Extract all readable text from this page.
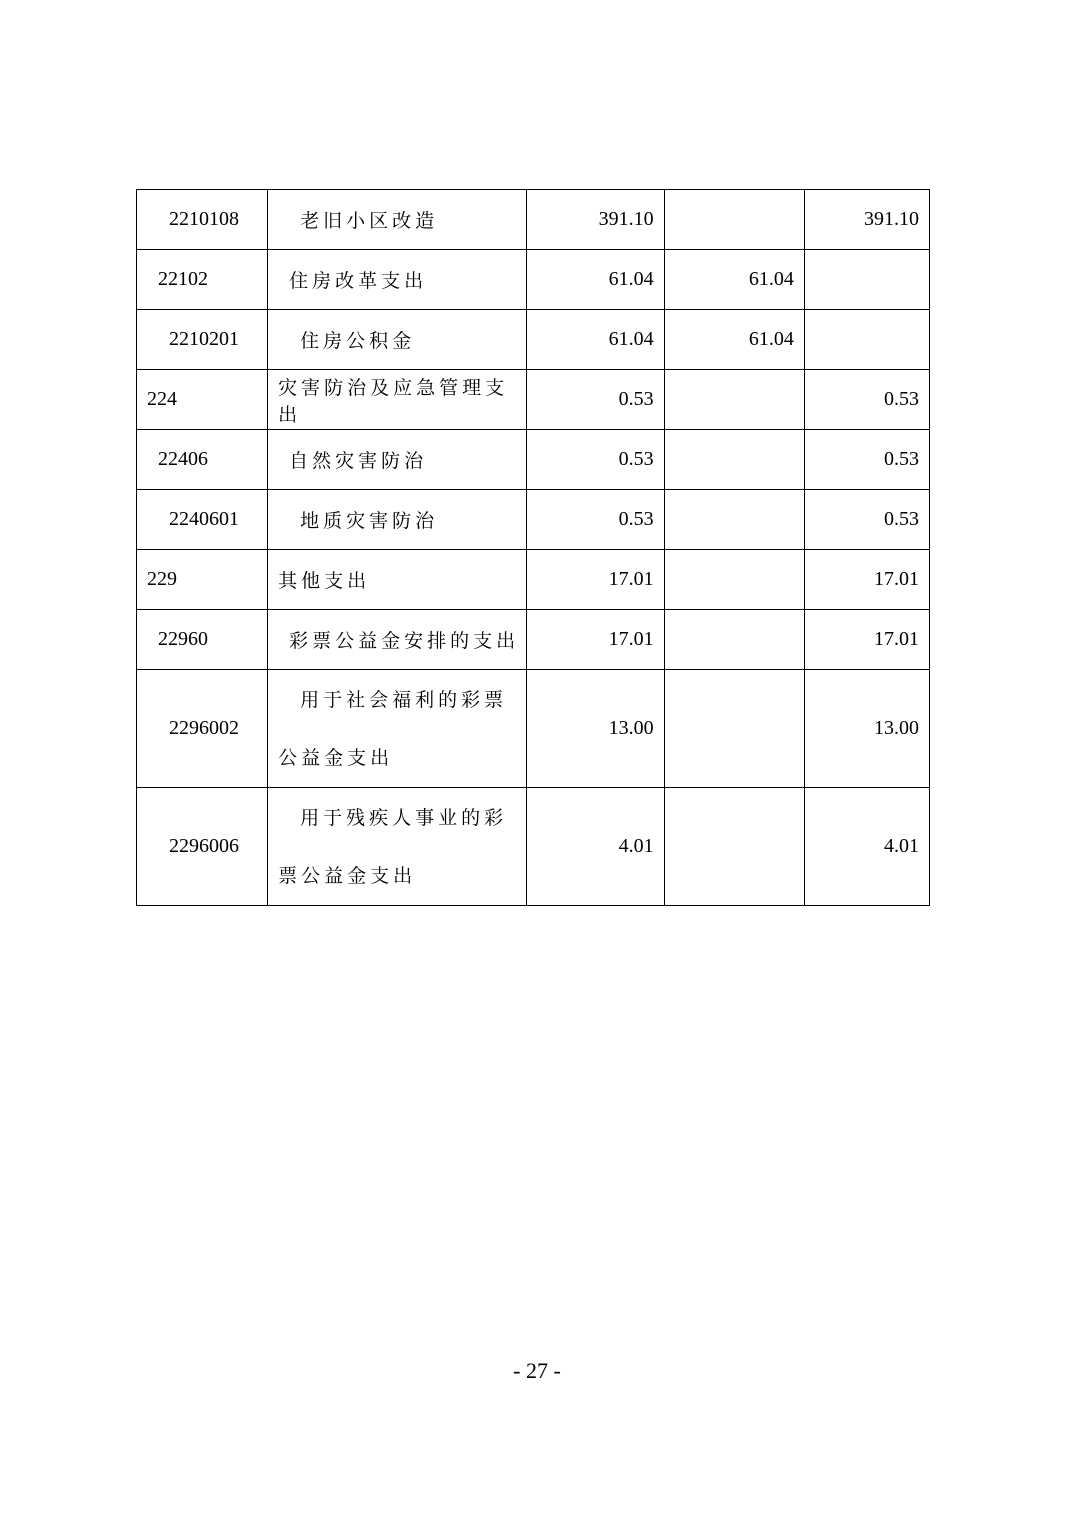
2210108	老旧小区改造	391.10		391.10
22102	住房改革支出	61.04	61.04	
2210201	住房公积金	61.04	61.04	
224	灾害防治及应急管理支出	0.53		0.53
22406	自然灾害防治	0.53		0.53
2240601	地质灾害防治	0.53		0.53
229	其他支出	17.01		17.01
22960	彩票公益金安排的支出	17.01		17.01
2296002	用于社会福利的彩票公益金支出	13.00		13.00
2296006	用于残疾人事业的彩票公益金支出	4.01		4.01
- 27 -
